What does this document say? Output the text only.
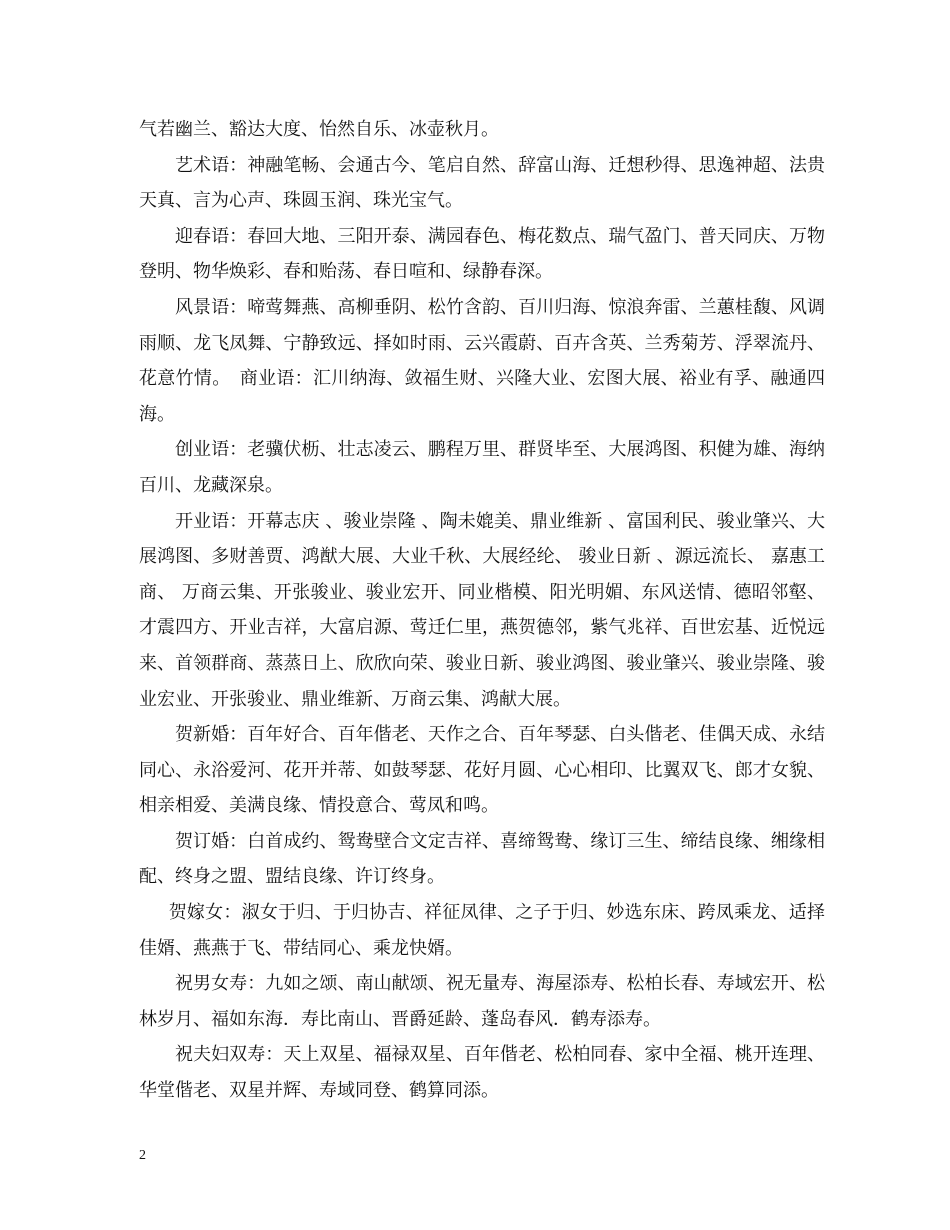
气若幽兰、豁达大度、怡然自乐、冰壶秋月。

艺术语：神融笔畅、会通古今、笔启自然、辞富山海、迁想秒得、思逸神超、法贵天真、言为心声、珠圆玉润、珠光宝气。

迎春语：春回大地、三阳开泰、满园春色、梅花数点、瑞气盈门、普天同庆、万物登明、物华焕彩、春和贻荡、春日喧和、绿静春深。

风景语：啼莺舞燕、高柳垂阴、松竹含韵、百川归海、惊浪奔雷、兰蕙桂馥、风调雨顺、龙飞凤舞、宁静致远、择如时雨、云兴霞蔚、百卉含英、兰秀菊芳、浮翠流丹、花意竹情。　商业语：汇川纳海、敛福生财、兴隆大业、宏图大展、裕业有孚、融通四海。

创业语：老骥伏枥、壮志凌云、鹏程万里、群贤毕至、大展鸿图、积健为雄、海纳百川、龙藏深泉。

开业语：开幕志庆 、骏业崇隆 、陶未媲美、鼎业维新 、富国利民、骏业肇兴、大展鸿图、多财善贾、鸿猷大展、大业千秋、大展经纶、 骏业日新 、源远流长、 嘉惠工商、 万商云集、开张骏业、骏业宏开、同业楷模、阳光明媚、东风送情、德昭邻壑、才震四方、开业吉祥，大富启源、莺迁仁里，燕贺德邻，紫气兆祥、百世宏基、近悦远来、首领群商、蒸蒸日上、欣欣向荣、骏业日新、骏业鸿图、骏业肇兴、骏业崇隆、骏业宏业、开张骏业、鼎业维新、万商云集、鸿献大展。

贺新婚：百年好合、百年偕老、天作之合、百年琴瑟、白头偕老、佳偶天成、永结同心、永浴爱河、花开并蒂、如鼓琴瑟、花好月圆、心心相印、比翼双飞、郎才女貌、相亲相爱、美满良缘、情投意合、莺凤和鸣。

贺订婚：白首成约、鸳鸯壁合文定吉祥、喜缔鸳鸯、缘订三生、缔结良缘、缃缘相配、终身之盟、盟结良缘、许订终身。

贺嫁女：淑女于归、于归协吉、祥征凤律、之子于归、妙选东床、跨凤乘龙、适择佳婿、燕燕于飞、带结同心、乘龙快婿。

祝男女寿：九如之颂、南山献颂、祝无量寿、海屋添寿、松柏长春、寿域宏开、松林岁月、福如东海．寿比南山、晋爵延龄、蓬岛春风．鹤寿添寿。

祝夫妇双寿：天上双星、福禄双星、百年偕老、松柏同春、家中全福、桃开连理、华堂偕老、双星并辉、寿域同登、鹤算同添。

2
